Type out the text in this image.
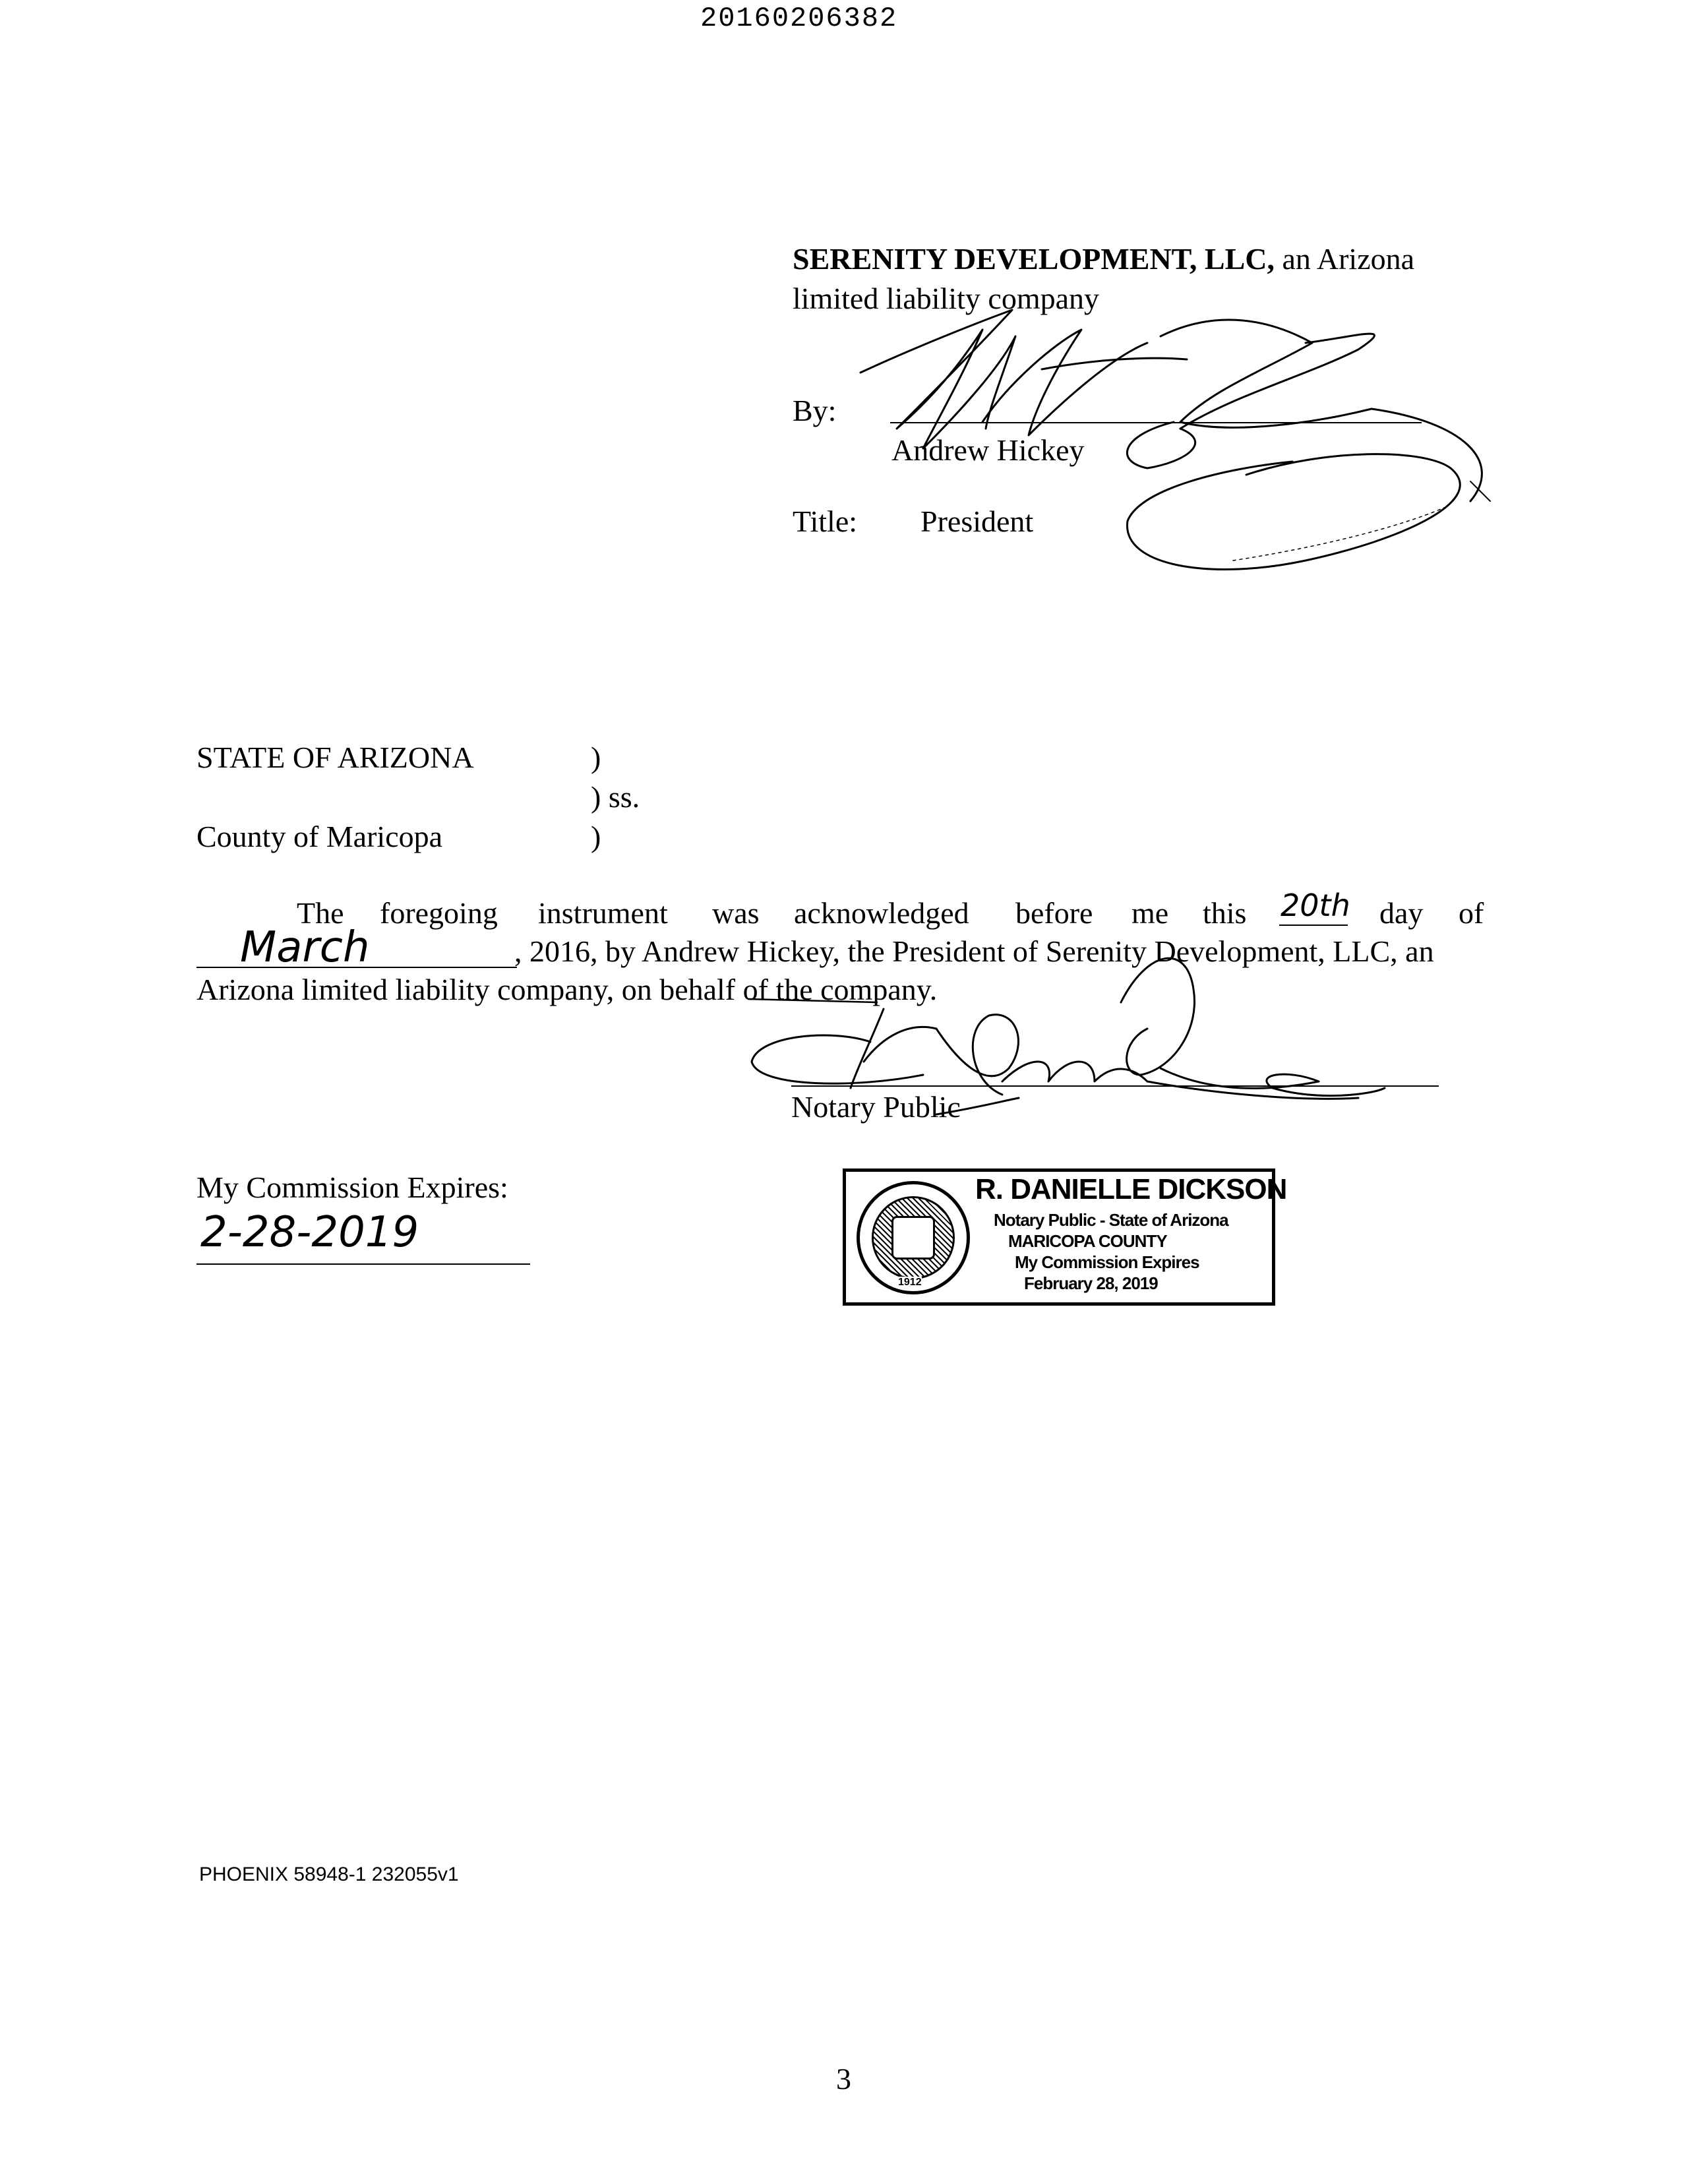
20160206382
SERENITY DEVELOPMENT, LLC, an Arizona
limited liability company
By:
Andrew Hickey
Title: President
STATE OF ARIZONA	)
) ss.
County of Maricopa	)
The foregoing instrument was acknowledged before me this 20th day of
March	, 2016, by Andrew Hickey, the President of Serenity Development, LLC, an
Arizona limited liability company, on behalf of the company.
Notary Public
My Commission Expires:
2-28-2019
1912
R. DANIELLE DICKSON
Notary Public - State of Arizona
MARICOPA COUNTY
My Commission Expires
February 28, 2019
PHOENIX 58948-1 232055v1
3
